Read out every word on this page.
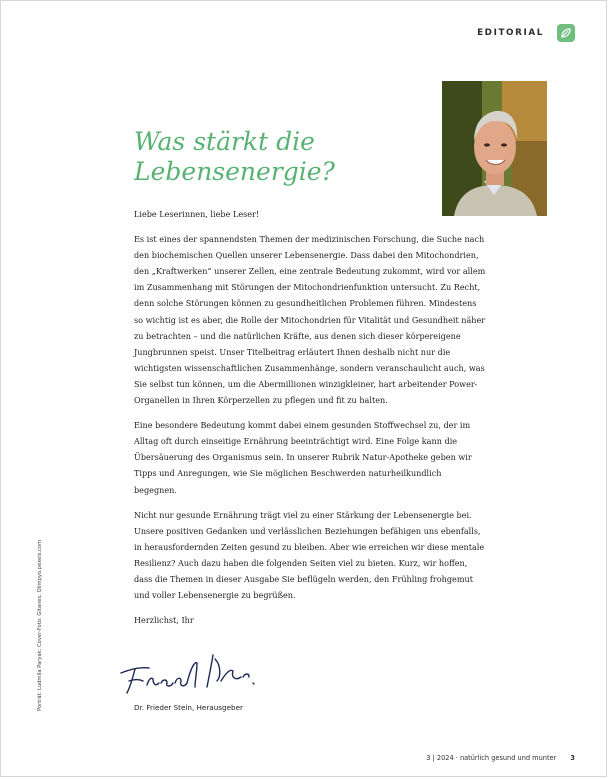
EDITORIAL
Was stärkt die
Lebensenergie?

Liebe Leserinnen, liebe Leser!

Es ist eines der spannendsten Themen der medizinischen Forschung, die Suche nach den biochemischen Quellen unserer Lebensenergie. Dass dabei den Mitochondrien, den „Kraftwerken“ unserer Zellen, eine zentrale Bedeutung zukommt, wird vor allem im Zusammenhang mit Störungen der Mitochondrienfunktion untersucht. Zu Recht, denn solche Störungen können zu gesundheitlichen Problemen führen. Mindestens so wichtig ist es aber, die Rolle der Mitochondrien für Vitalität und Gesundheit näher zu betrachten – und die natürlichen Kräfte, aus denen sich dieser körpereigene Jungbrunnen speist. Unser Titelbeitrag erläutert Ihnen deshalb nicht nur die wichtigsten wissenschaftlichen Zusammenhänge, sondern veranschaulicht auch, was Sie selbst tun können, um die Abermillionen winzigkleiner, hart arbeitender Power-Organellen in Ihren Körperzellen zu pflegen und fit zu halten.

Eine besondere Bedeutung kommt dabei einem gesunden Stoffwechsel zu, der im Alltag oft durch einseitige Ernährung beeinträchtigt wird. Eine Folge kann die Übersäuerung des Organismus sein. In unserer Rubrik Natur-Apotheke geben wir Tipps und Anregungen, wie Sie möglichen Beschwerden naturheilkundlich begegnen.

Nicht nur gesunde Ernährung trägt viel zu einer Stärkung der Lebensenergie bei. Unsere positiven Gedanken und verlässlichen Beziehungen befähigen uns ebenfalls, in herausfordernden Zeiten gesund zu bleiben. Aber wie erreichen wir diese mentale Resilienz? Auch dazu haben die folgenden Seiten viel zu bieten. Kurz, wir hoffen, dass die Themen in dieser Ausgabe Sie beflügeln werden, den Frühling frohgemut und voller Lebensenergie zu begrüßen.

Herzlichst, Ihr

Dr. Frieder Stein, Herausgeber
Porträt: Ludmila Paryak; Cover-Foto: Gitanes; Olimpyo.pexels.com
3 | 2024 · natürlich gesund und munter 3
